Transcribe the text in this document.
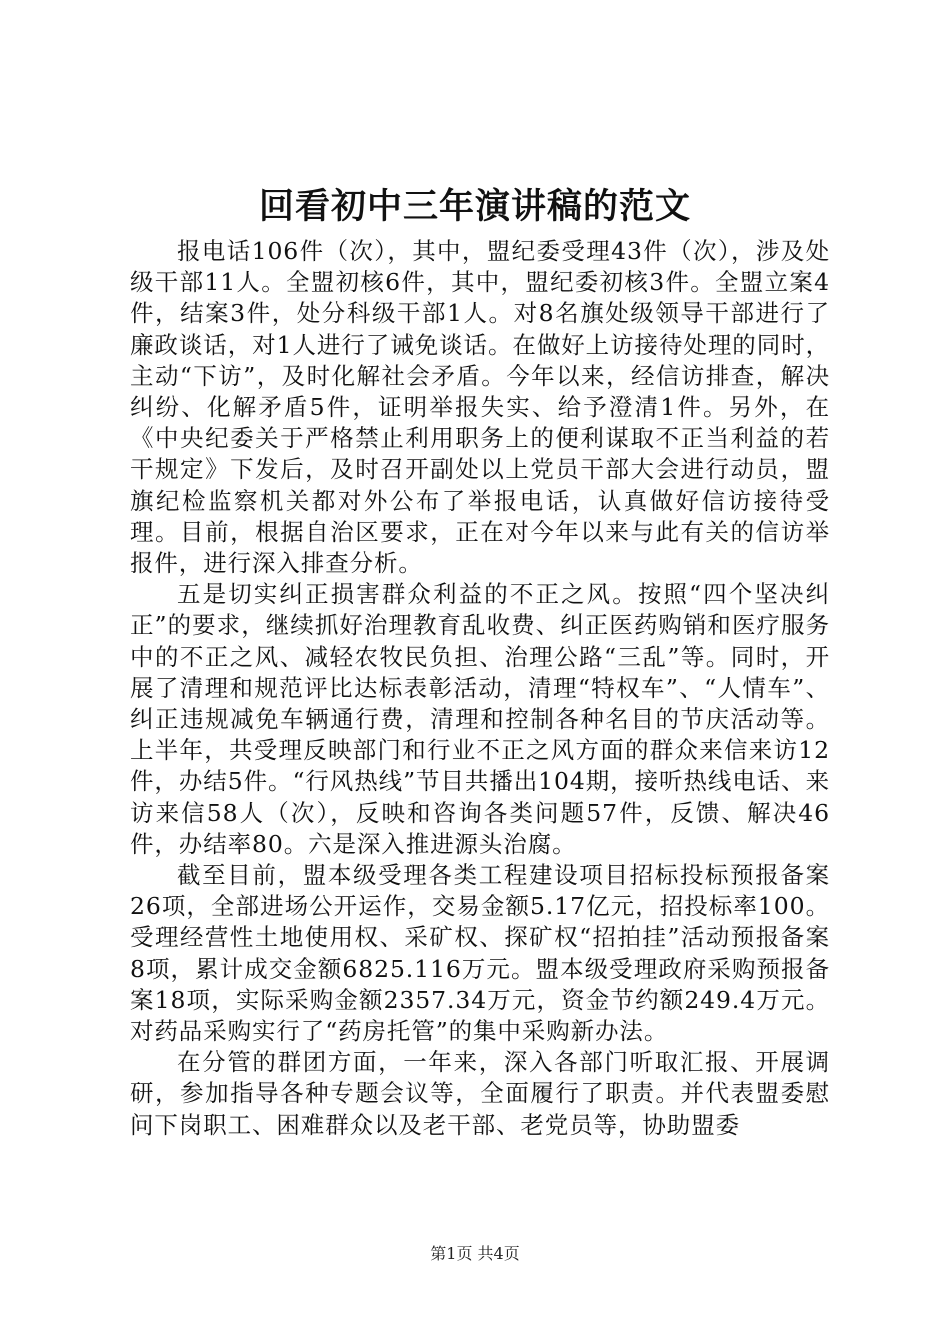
回看初中三年演讲稿的范文

报电话106件（次），其中，盟纪委受理43件（次），涉及处级干部11人。全盟初核6件，其中，盟纪委初核3件。全盟立案4件，结案3件，处分科级干部1人。对8名旗处级领导干部进行了廉政谈话，对1人进行了诫免谈话。在做好上访接待处理的同时，主动“下访”，及时化解社会矛盾。今年以来，经信访排查，解决纠纷、化解矛盾5件，证明举报失实、给予澄清1件。另外，在《中央纪委关于严格禁止利用职务上的便利谋取不正当利益的若干规定》下发后，及时召开副处以上党员干部大会进行动员，盟旗纪检监察机关都对外公布了举报电话，认真做好信访接待受理。目前，根据自治区要求，正在对今年以来与此有关的信访举报件，进行深入排查分析。

五是切实纠正损害群众利益的不正之风。按照“四个坚决纠正”的要求，继续抓好治理教育乱收费、纠正医药购销和医疗服务中的不正之风、减轻农牧民负担、治理公路“三乱”等。同时，开展了清理和规范评比达标表彰活动，清理“特权车”、“人情车”、纠正违规减免车辆通行费，清理和控制各种名目的节庆活动等。上半年，共受理反映部门和行业不正之风方面的群众来信来访12件，办结5件。“行风热线”节目共播出104期，接听热线电话、来访来信58人（次），反映和咨询各类问题57件，反馈、解决46件，办结率80。六是深入推进源头治腐。

截至目前，盟本级受理各类工程建设项目招标投标预报备案26项，全部进场公开运作，交易金额5.17亿元，招投标率100。受理经营性土地使用权、采矿权、探矿权“招拍挂”活动预报备案8项，累计成交金额6825.116万元。盟本级受理政府采购预报备案18项，实际采购金额2357.34万元，资金节约额249.4万元。对药品采购实行了“药房托管”的集中采购新办法。

在分管的群团方面，一年来，深入各部门听取汇报、开展调研，参加指导各种专题会议等，全面履行了职责。并代表盟委慰问下岗职工、困难群众以及老干部、老党员等，协助盟委

第1页 共4页
